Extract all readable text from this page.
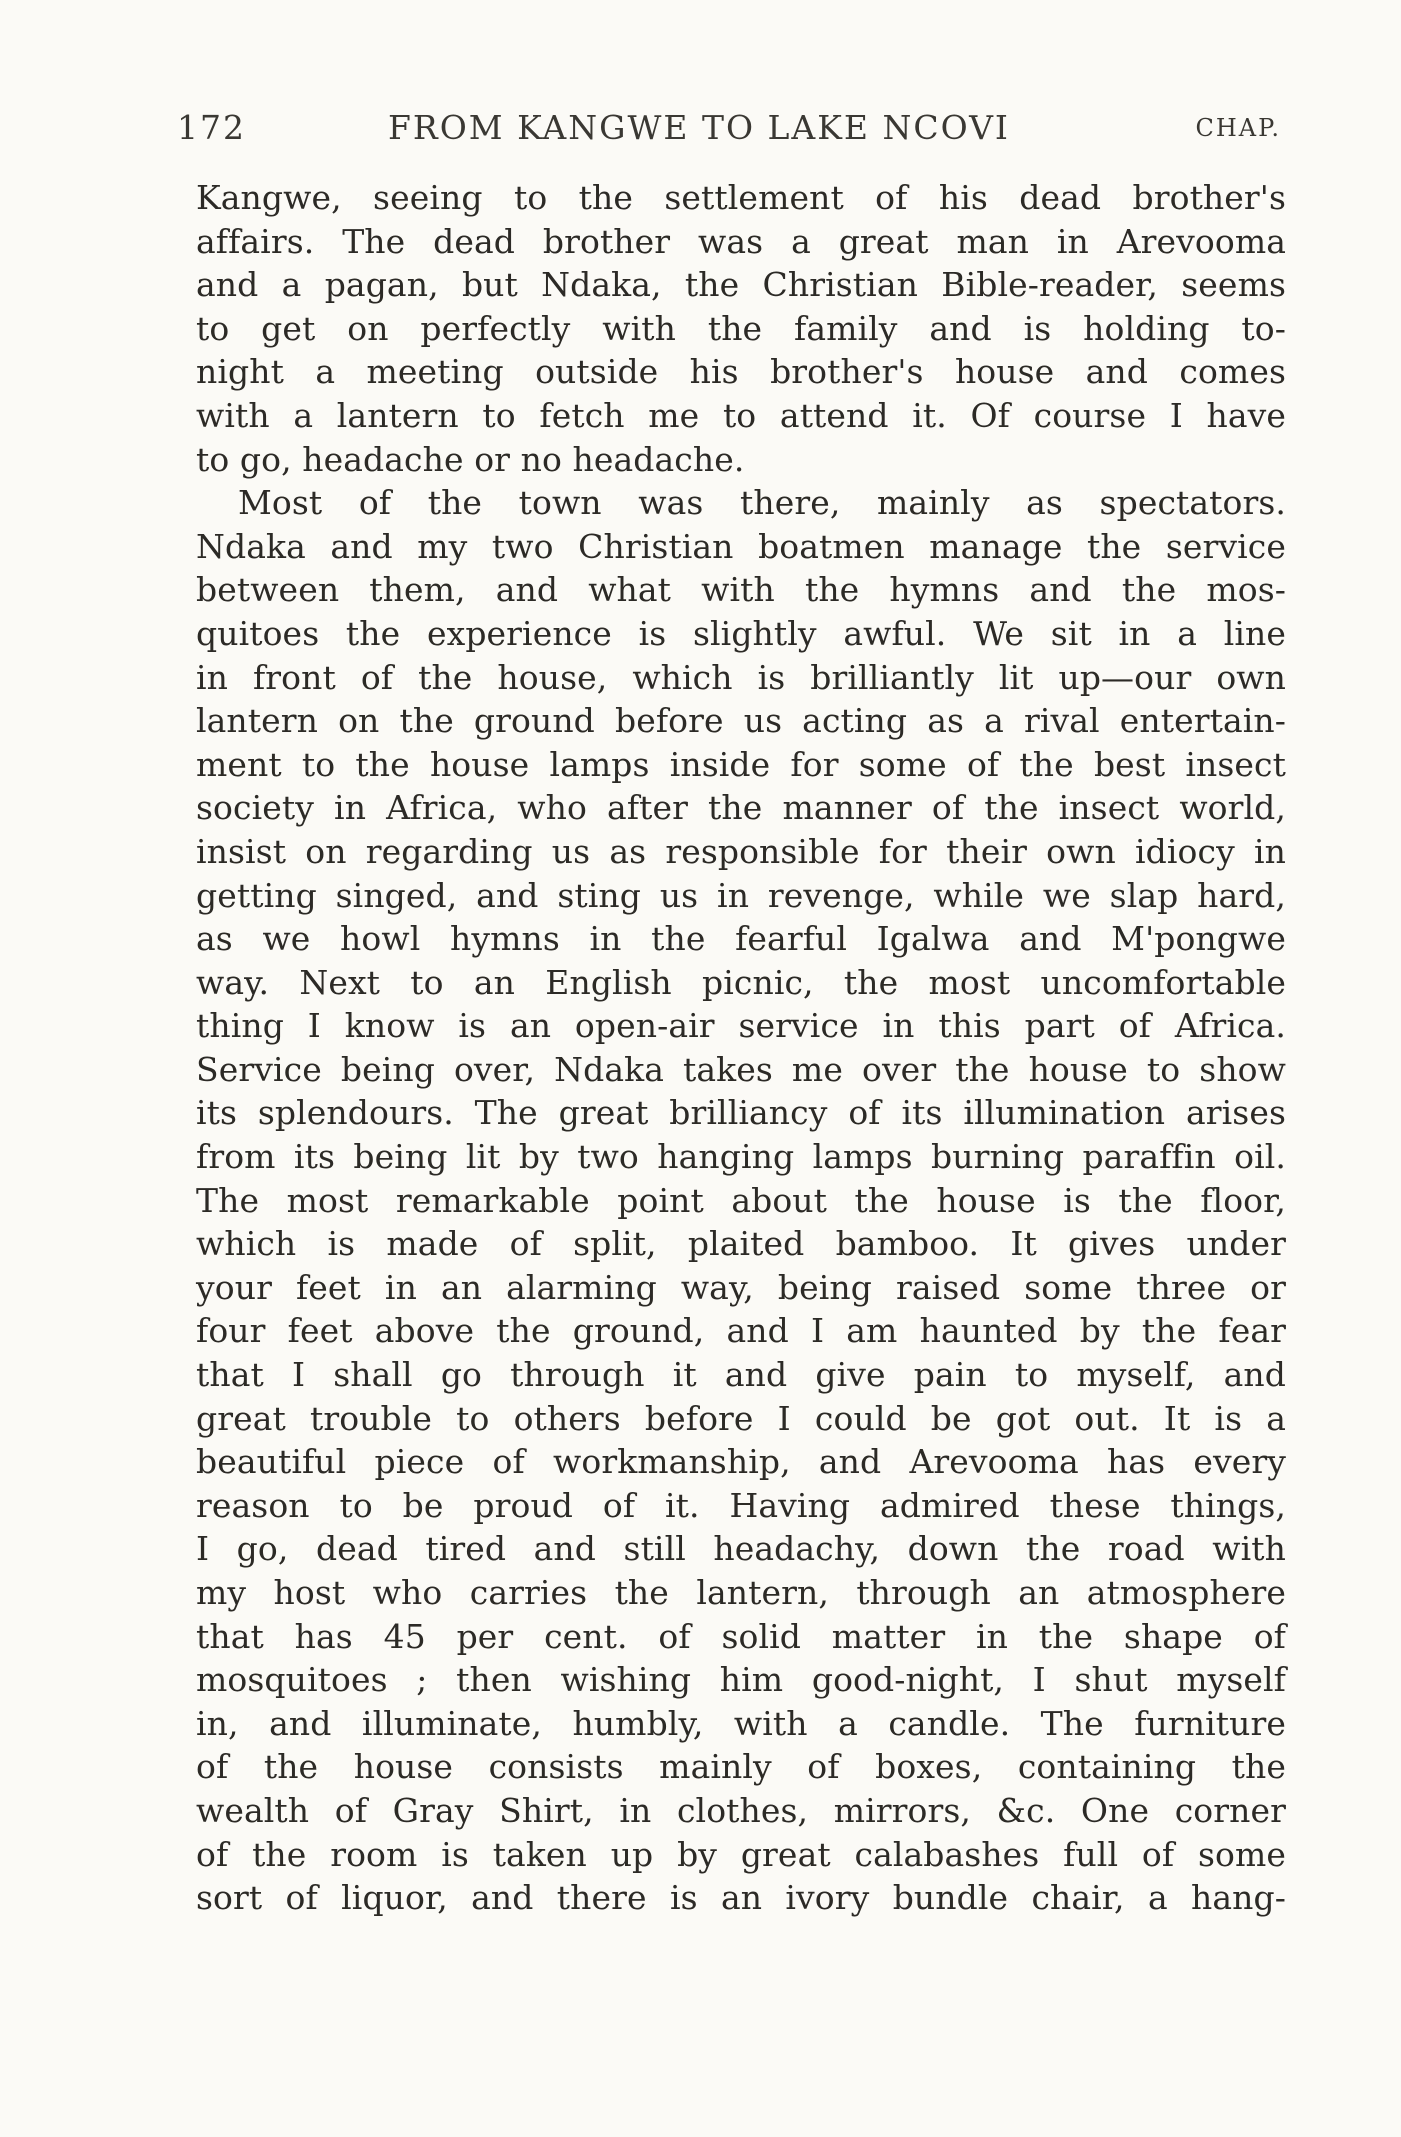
172	FROM KANGWE TO LAKE NCOVI	CHAP.
Kangwe, seeing to the settlement of his dead brother's
affairs. The dead brother was a great man in Arevooma
and a pagan, but Ndaka, the Christian Bible-reader, seems
to get on perfectly with the family and is holding to-
night a meeting outside his brother's house and comes
with a lantern to fetch me to attend it. Of course I have
to go, headache or no headache.
Most of the town was there, mainly as spectators.
Ndaka and my two Christian boatmen manage the service
between them, and what with the hymns and the mos-
quitoes the experience is slightly awful. We sit in a line
in front of the house, which is brilliantly lit up—our own
lantern on the ground before us acting as a rival entertain-
ment to the house lamps inside for some of the best insect
society in Africa, who after the manner of the insect world,
insist on regarding us as responsible for their own idiocy in
getting singed, and sting us in revenge, while we slap hard,
as we howl hymns in the fearful Igalwa and M'pongwe
way. Next to an English picnic, the most uncomfortable
thing I know is an open-air service in this part of Africa.
Service being over, Ndaka takes me over the house to show
its splendours. The great brilliancy of its illumination arises
from its being lit by two hanging lamps burning paraffin oil.
The most remarkable point about the house is the floor,
which is made of split, plaited bamboo. It gives under
your feet in an alarming way, being raised some three or
four feet above the ground, and I am haunted by the fear
that I shall go through it and give pain to myself, and
great trouble to others before I could be got out. It is a
beautiful piece of workmanship, and Arevooma has every
reason to be proud of it. Having admired these things,
I go, dead tired and still headachy, down the road with
my host who carries the lantern, through an atmosphere
that has 45 per cent. of solid matter in the shape of
mosquitoes ; then wishing him good-night, I shut myself
in, and illuminate, humbly, with a candle. The furniture
of the house consists mainly of boxes, containing the
wealth of Gray Shirt, in clothes, mirrors, &c. One corner
of the room is taken up by great calabashes full of some
sort of liquor, and there is an ivory bundle chair, a hang-
